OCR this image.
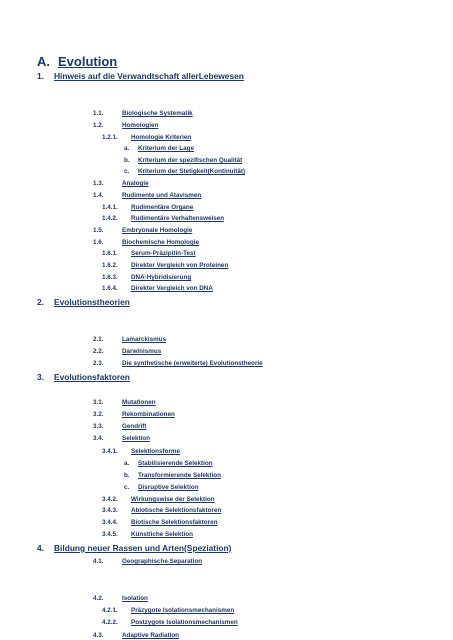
A. Evolution
1. Hinweis auf die Verwandtschaft allerLebewesen
1.1.	Biologische Systematik
1.2.	Homologien
1.2.1. Homologie Kriterien
a. Kriterium der Lage
b. Kriterium der spezifischen Qualität
c. Kriterium der Stetigkeit(Kontinuität)
1.3.	Analogie
1.4.	Rudimente und Atavismen
1.4.1. Rudimentäre Organe
1.4.2. Rudimentäre Verhaltensweisen
1.5.	Embryonale Homologie
1.6.	Biochemische Homologie
1.6.1. Serum-Präzipitin-Test
1.6.2. Direkter Vergleich von Proteinen
1.6.3. DNA-Hybridisierung
1.6.4. Direkter Vergleich von DNA
2. Evolutionstheorien
2.1.	Lamarckismus
2.2.	Darwinismus
2.3.	Die synthetische (erweiterte) Evolutionstheorie
3. Evolutionsfaktoren
3.1.	Mutationen
3.2.	Rekombinationen
3.3.	Gendrift
3.4.	Selektion
3.4.1. Selektionsforme
a. Stabilisierende Selektion
b. Transformierende Selektion
c. Disruptive Selektion
3.4.2. Wirkungswise der Selektion
3.4.3. Abiotische Selektionsfaktoren
3.4.4. Biotische Selektionsfaktoren
3.4.5. Künstliche Selektion
4. Bildung neuer Rassen und Arten(Speziation)
4.1.	Geographische Separation
4.2.	Isolation
4.2.1. Präzygote Isolationsmechanismen
4.2.2. Postzygote Isolationsmechanismen
4.3.	Adaptive Radiation
